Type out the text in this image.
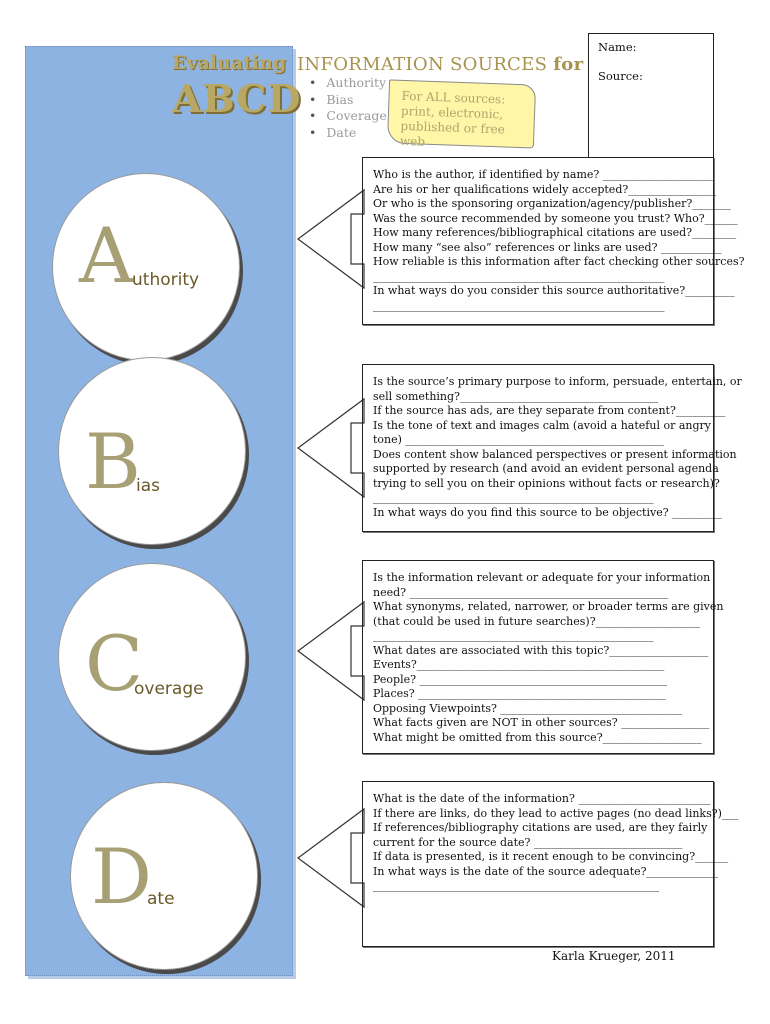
Evaluating
ABCD
INFORMATION SOURCES for
• Authority
• Bias
• Coverage
• Date
For ALL sources:
print, electronic,
published or free web
Name:
Source:
A
uthority
Who is the author, if identified by name? ____________________
Are his or her qualifications widely accepted?________________
Or who is the sponsoring organization/agency/publisher?_______
Was the source recommended by someone you trust? Who?______
How many references/bibliographical citations are used?________
How many “see also” references or links are used? ___________
How reliable is this information after fact checking other sources?
_____________________________________________________
In what ways do you consider this source authoritative?_________
_____________________________________________________
B
ias
Is the source’s primary purpose to inform, persuade, entertain, or
sell something?____________________________________
If the source has ads, are they separate from content?_________
Is the tone of text and images calm (avoid a hateful or angry
tone) _______________________________________________
Does content show balanced perspectives or present information
supported by research (and avoid an evident personal agenda
trying to sell you on their opinions without facts or research)?
___________________________________________________
In what ways do you find this source to be objective? _________
C
overage
Is the information relevant or adequate for your information
need? _______________________________________________
What synonyms, related, narrower, or broader terms are given
(that could be used in future searches)?___________________
___________________________________________________
What dates are associated with this topic?__________________
Events?_____________________________________________
People? _____________________________________________
Places? _____________________________________________
Opposing Viewpoints? _________________________________
What facts given are NOT in other sources? ________________
What might be omitted from this source?__________________
D
ate
What is the date of the information? ________________________
If there are links, do they lead to active pages (no dead links?)___
If references/bibliography citations are used, are they fairly
current for the source date? ___________________________
If data is presented, is it recent enough to be convincing?______
In what ways is the date of the source adequate?_____________
____________________________________________________
Karla Krueger, 2011
